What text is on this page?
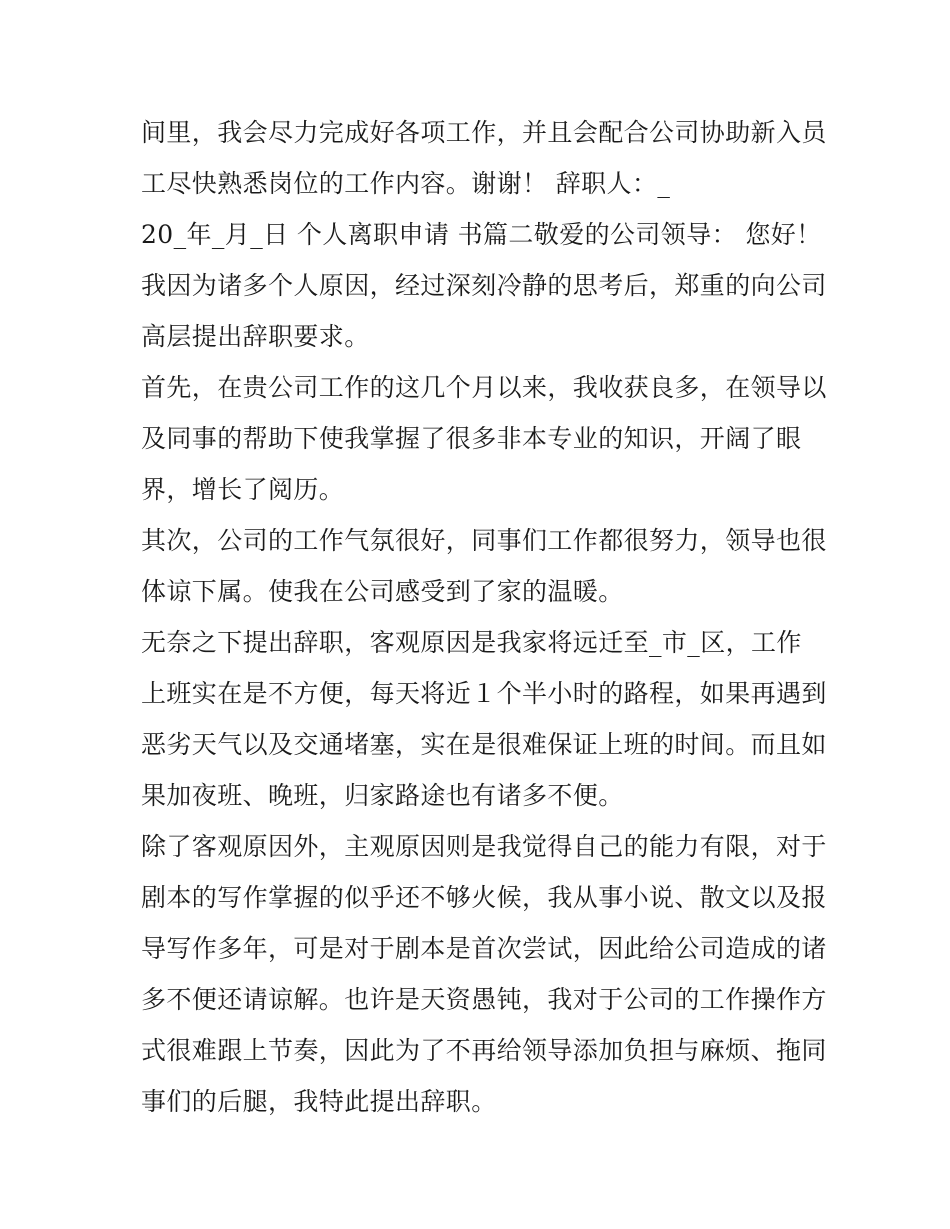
间里，我会尽力完成好各项工作，并且会配合公司协助新入员
工尽快熟悉岗位的工作内容。谢谢！ 辞职人：_
20_年_月_日 个人离职申请 书篇二敬爱的公司领导： 您好！
我因为诸多个人原因，经过深刻冷静的思考后，郑重的向公司
高层提出辞职要求。
首先，在贵公司工作的这几个月以来，我收获良多，在领导以
及同事的帮助下使我掌握了很多非本专业的知识，开阔了眼
界，增长了阅历。
其次，公司的工作气氛很好，同事们工作都很努力，领导也很
体谅下属。使我在公司感受到了家的温暖。
无奈之下提出辞职，客观原因是我家将远迁至_市_区，工作
上班实在是不方便，每天将近１个半小时的路程，如果再遇到
恶劣天气以及交通堵塞，实在是很难保证上班的时间。而且如
果加夜班、晚班，归家路途也有诸多不便。
除了客观原因外，主观原因则是我觉得自己的能力有限，对于
剧本的写作掌握的似乎还不够火候，我从事小说、散文以及报
导写作多年，可是对于剧本是首次尝试，因此给公司造成的诸
多不便还请谅解。也许是天资愚钝，我对于公司的工作操作方
式很难跟上节奏，因此为了不再给领导添加负担与麻烦、拖同
事们的后腿，我特此提出辞职。
